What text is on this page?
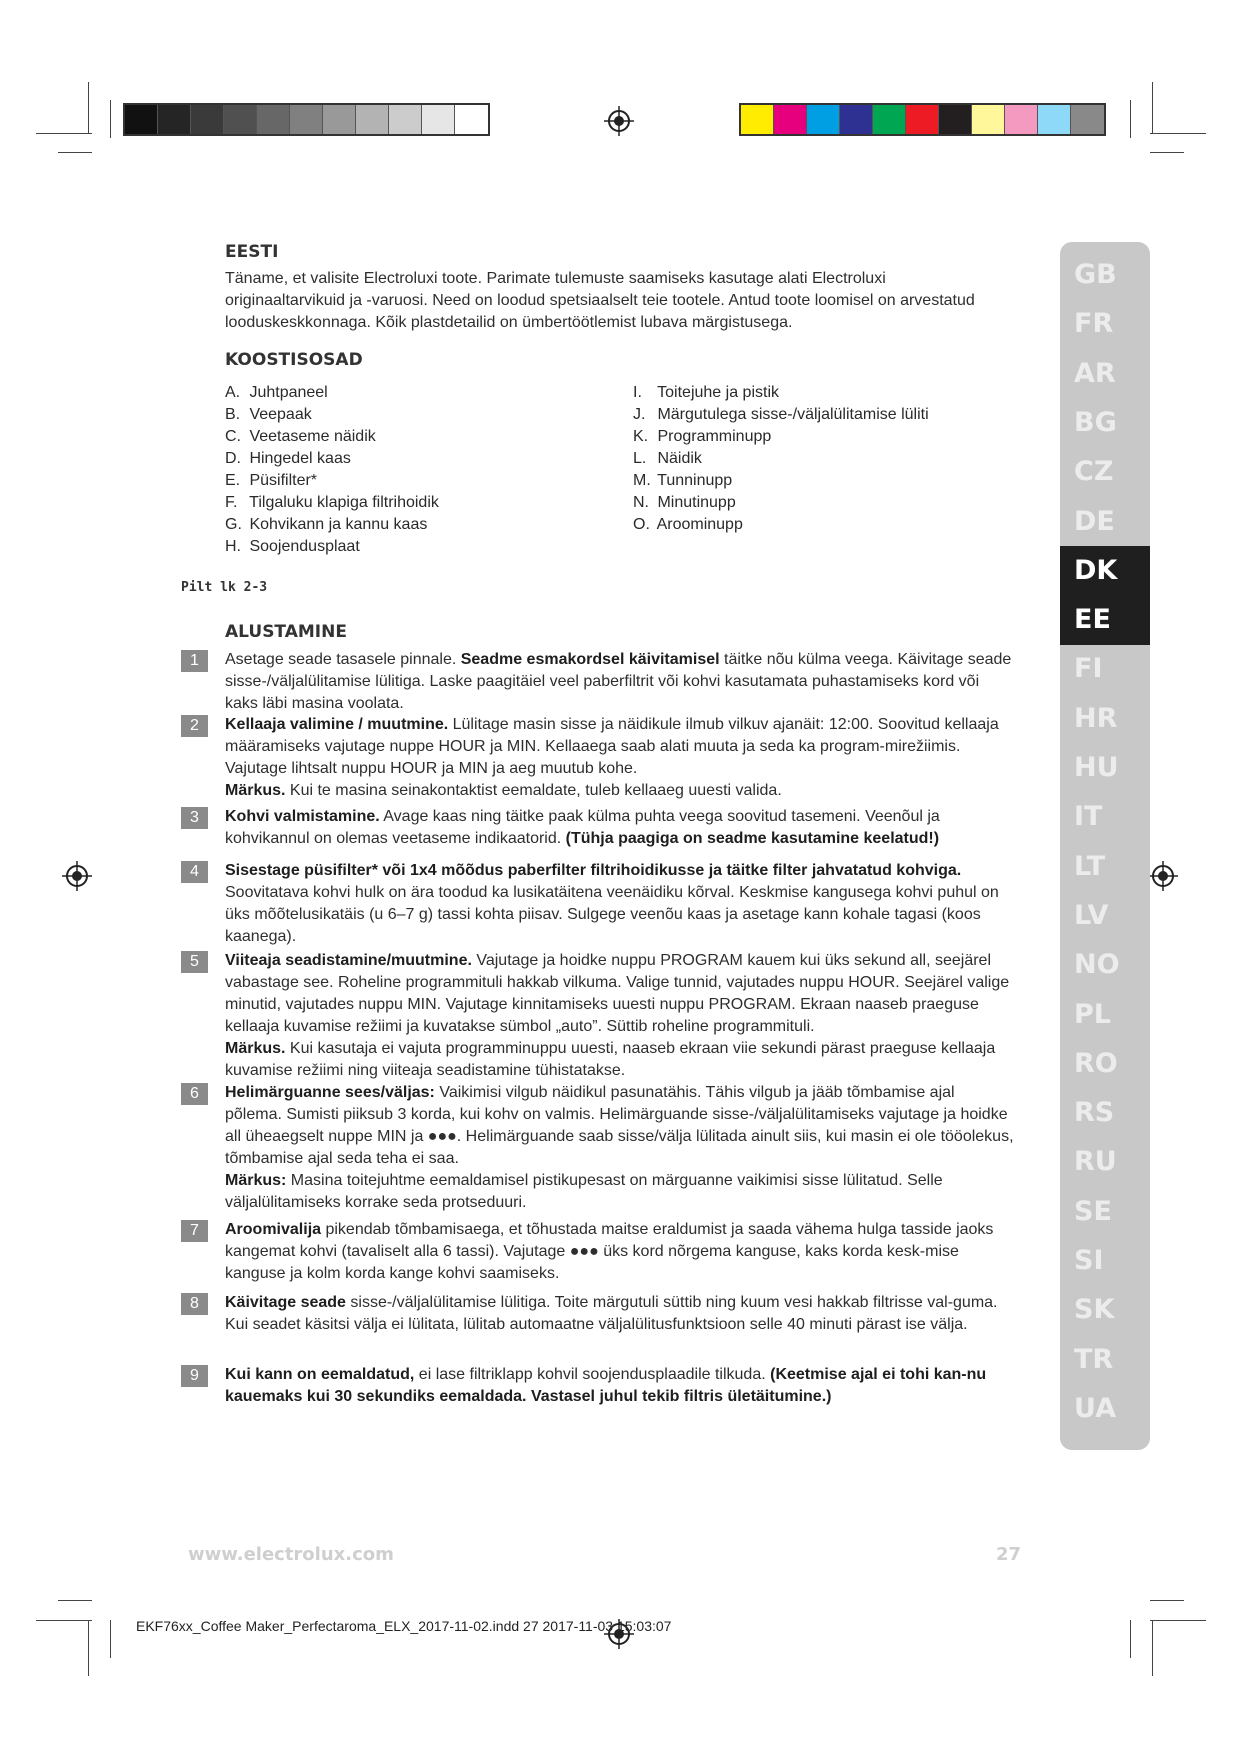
EESTI

Täname, et valisite Electroluxi toote. Parimate tulemuste saamiseks kasutage alati Electroluxi originaaltarvikuid ja -varuosi. Need on loodud spetsiaalselt teie tootele. Antud toote loomisel on arvestatud looduskeskkonnaga. Kõik plastdetailid on ümbertöötlemist lubava märgistusega.

KOOSTISOSAD
A. Juhtpaneel
B. Veepaak
C. Veetaseme näidik
D. Hingedel kaas
E. Püsifilter*
F. Tilgaluku klapiga filtrihoidik
G. Kohvikann ja kannu kaas
H. Soojendusplaat
I. Toitejuhe ja pistik
J. Märgutulega sisse-/väljalülitamise lüliti
K. Programminupp
L. Näidik
M. Tunninupp
N. Minutinupp
O. Aroominupp
Pilt lk 2-3
ALUSTAMINE
1	Asetage seade tasasele pinnale. Seadme esmakordsel käivitamisel täitke nõu külma veega. Käivitage seade sisse-/väljalülitamise lülitiga. Laske paagitäiel veel paberfiltrit või kohvi kasutamata puhastamiseks kord või kaks läbi masina voolata.
2	Kellaaja valimine / muutmine. Lülitage masin sisse ja näidikule ilmub vilkuv ajanäit: 12:00. Soovitud kellaaja määramiseks vajutage nuppe HOUR ja MIN. Kellaaega saab alati muuta ja seda ka program-mirežiimis. Vajutage lihtsalt nuppu HOUR ja MIN ja aeg muutub kohe.
Märkus. Kui te masina seinakontaktist eemaldate, tuleb kellaaeg uuesti valida.
3	Kohvi valmistamine. Avage kaas ning täitke paak külma puhta veega soovitud tasemeni. Veenõul ja kohvikannul on olemas veetaseme indikaatorid. (Tühja paagiga on seadme kasutamine keelatud!)
4	Sisestage püsifilter* või 1x4 mõõdus paberfilter filtrihoidikusse ja täitke filter jahvatatud kohviga. Soovitatava kohvi hulk on ära toodud ka lusikatäitena veenäidiku kõrval. Keskmise kangusega kohvi puhul on üks mõõtelusikatäis (u 6–7 g) tassi kohta piisav. Sulgege veenõu kaas ja asetage kann kohale tagasi (koos kaanega).
5	Viiteaja seadistamine/muutmine. Vajutage ja hoidke nuppu PROGRAM kauem kui üks sekund all, seejärel vabastage see. Roheline programmituli hakkab vilkuma. Valige tunnid, vajutades nuppu HOUR. Seejärel valige minutid, vajutades nuppu MIN. Vajutage kinnitamiseks uuesti nuppu PROGRAM. Ekraan naaseb praeguse kellaaja kuvamise režiimi ja kuvatakse sümbol „auto”. Süttib roheline programmituli.
Märkus. Kui kasutaja ei vajuta programminuppu uuesti, naaseb ekraan viie sekundi pärast praeguse kellaaja kuvamise režiimi ning viiteaja seadistamine tühistatakse.
6	Helimärguanne sees/väljas: Vaikimisi vilgub näidikul pasunatähis. Tähis vilgub ja jääb tõmbamise ajal põlema. Sumisti piiksub 3 korda, kui kohv on valmis. Helimärguande sisse-/väljalülitamiseks vajutage ja hoidke all üheaegselt nuppe MIN ja ●●●. Helimärguande saab sisse/välja lülitada ainult siis, kui masin ei ole tööolekus, tõmbamise ajal seda teha ei saa.
Märkus: Masina toitejuhtme eemaldamisel pistikupesast on märguanne vaikimisi sisse lülitatud. Selle väljalülitamiseks korrake seda protseduuri.
7	Aroomivalija pikendab tõmbamisaega, et tõhustada maitse eraldumist ja saada vähema hulga tasside jaoks kangemat kohvi (tavaliselt alla 6 tassi). Vajutage ●●● üks kord nõrgema kanguse, kaks korda kesk-mise kanguse ja kolm korda kange kohvi saamiseks.
8	Käivitage seade sisse-/väljalülitamise lülitiga. Toite märgutuli süttib ning kuum vesi hakkab filtrisse val-guma. Kui seadet käsitsi välja ei lülitata, lülitab automaatne väljalülitusfunktsioon selle 40 minuti pärast ise välja.
9	Kui kann on eemaldatud, ei lase filtriklapp kohvil soojendusplaadile tilkuda. (Keetmise ajal ei tohi kan-nu kauemaks kui 30 sekundiks eemaldada. Vastasel juhul tekib filtris ületäitumine.)
GB
FR
AR
BG
CZ
DE
DK
EE
FI
HR
HU
IT
LT
LV
NO
PL
RO
RS
RU
SE
SI
SK
TR
UA
www.electrolux.com	27
EKF76xx_Coffee Maker_Perfectaroma_ELX_2017-11-02.indd 27 2017-11-03 15:03:07
